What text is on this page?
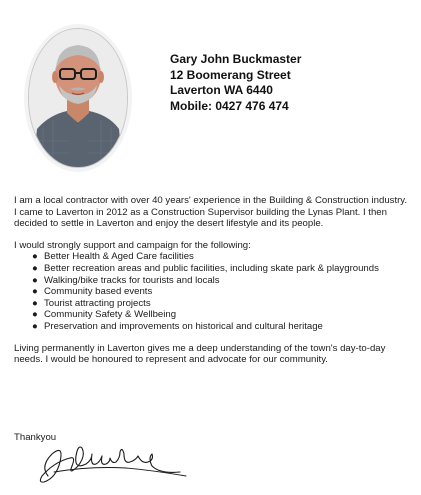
Gary John Buckmaster
12 Boomerang Street
Laverton WA 6440
Mobile: 0427 476 474

I am a local contractor with over 40 years' experience in the Building & Construction industry. I came to Laverton in 2012 as a Construction Supervisor building the Lynas Plant. I then decided to settle in Laverton and enjoy the desert lifestyle and its people.

I would strongly support and campaign for the following:

● Better Health & Aged Care facilities
● Better recreation areas and public facilities, including skate park & playgrounds
● Walking/bike tracks for tourists and locals
● Community based events
● Tourist attracting projects
● Community Safety & Wellbeing
● Preservation and improvements on historical and cultural heritage

Living permanently in Laverton gives me a deep understanding of the town's day-to-day needs. I would be honoured to represent and advocate for our community.

Thankyou
